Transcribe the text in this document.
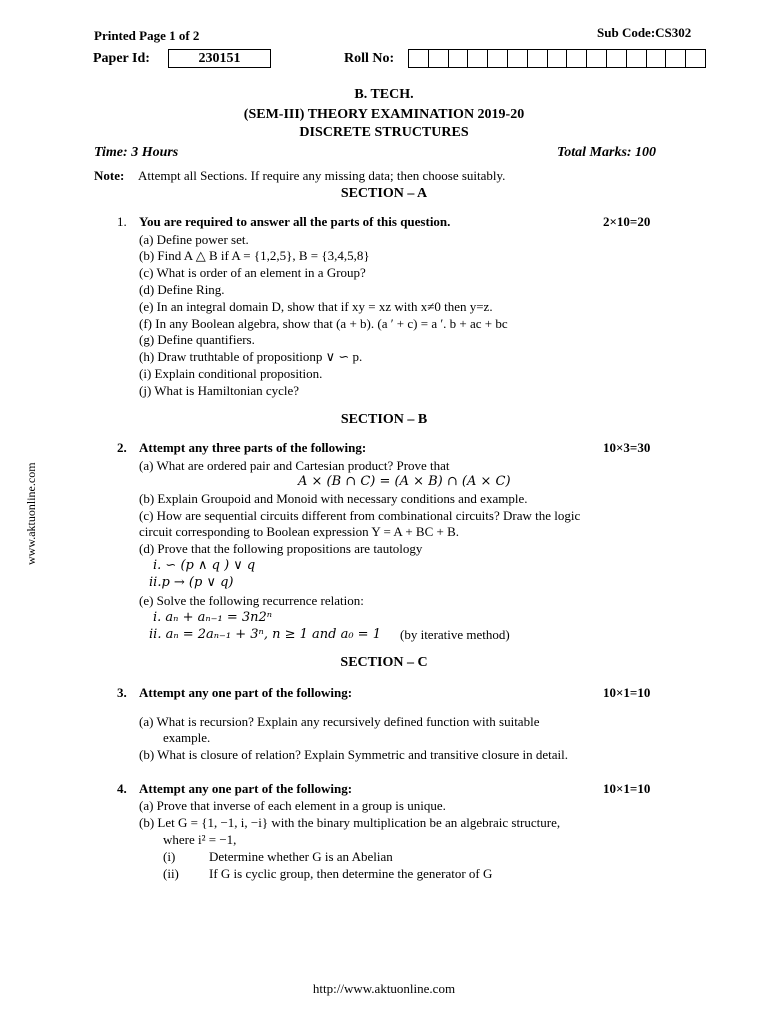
Printed Page 1 of 2	Sub Code:CS302
Paper Id:	230151	Roll No:
B. TECH.
(SEM-III) THEORY EXAMINATION 2019-20
DISCRETE STRUCTURES
Time: 3 Hours	Total Marks: 100
Note: Attempt all Sections. If require any missing data; then choose suitably.
SECTION – A
1. You are required to answer all the parts of this question.	2×10=20
(a) Define power set.
(b) Find A △ B if A = {1,2,5}, B = {3,4,5,8}
(c) What is order of an element in a Group?
(d) Define Ring.
(e) In an integral domain D, show that if xy = xz with x≠0 then y=z.
(f) In any Boolean algebra, show that (a + b). (a ′ + c) = a ′. b + ac + bc
(g) Define quantifiers.
(h) Draw truthtable of propositionp ∨ ∽ p.
(i) Explain conditional proposition.
(j) What is Hamiltonian cycle?
SECTION – B
2. Attempt any three parts of the following:	10×3=30
(a) What are ordered pair and Cartesian product? Prove that
A × (B ∩ C) = (A × B) ∩ (A × C)
(b) Explain Groupoid and Monoid with necessary conditions and example.
(c) How are sequential circuits different from combinational circuits? Draw the logic
circuit corresponding to Boolean expression Y = A + BC + B.
(d) Prove that the following propositions are tautology
i. ∽ (p ∧ q ) ∨ q
ii.p → (p ∨ q)
(e) Solve the following recurrence relation:
i. aₙ + aₙ₋₁ = 3n2ⁿ
ii. aₙ = 2aₙ₋₁ + 3ⁿ, n ≥ 1 and a₀ = 1 (by iterative method)
SECTION – C
3. Attempt any one part of the following:	10×1=10
(a) What is recursion? Explain any recursively defined function with suitable
example.
(b) What is closure of relation? Explain Symmetric and transitive closure in detail.
4. Attempt any one part of the following:	10×1=10
(a) Prove that inverse of each element in a group is unique.
(b) Let G = {1, −1, i, −i} with the binary multiplication be an algebraic structure,
where i² = −1,
(i)	Determine whether G is an Abelian
(ii) If G is cyclic group, then determine the generator of G
http://www.aktuonline.com
www.aktuonline.com
